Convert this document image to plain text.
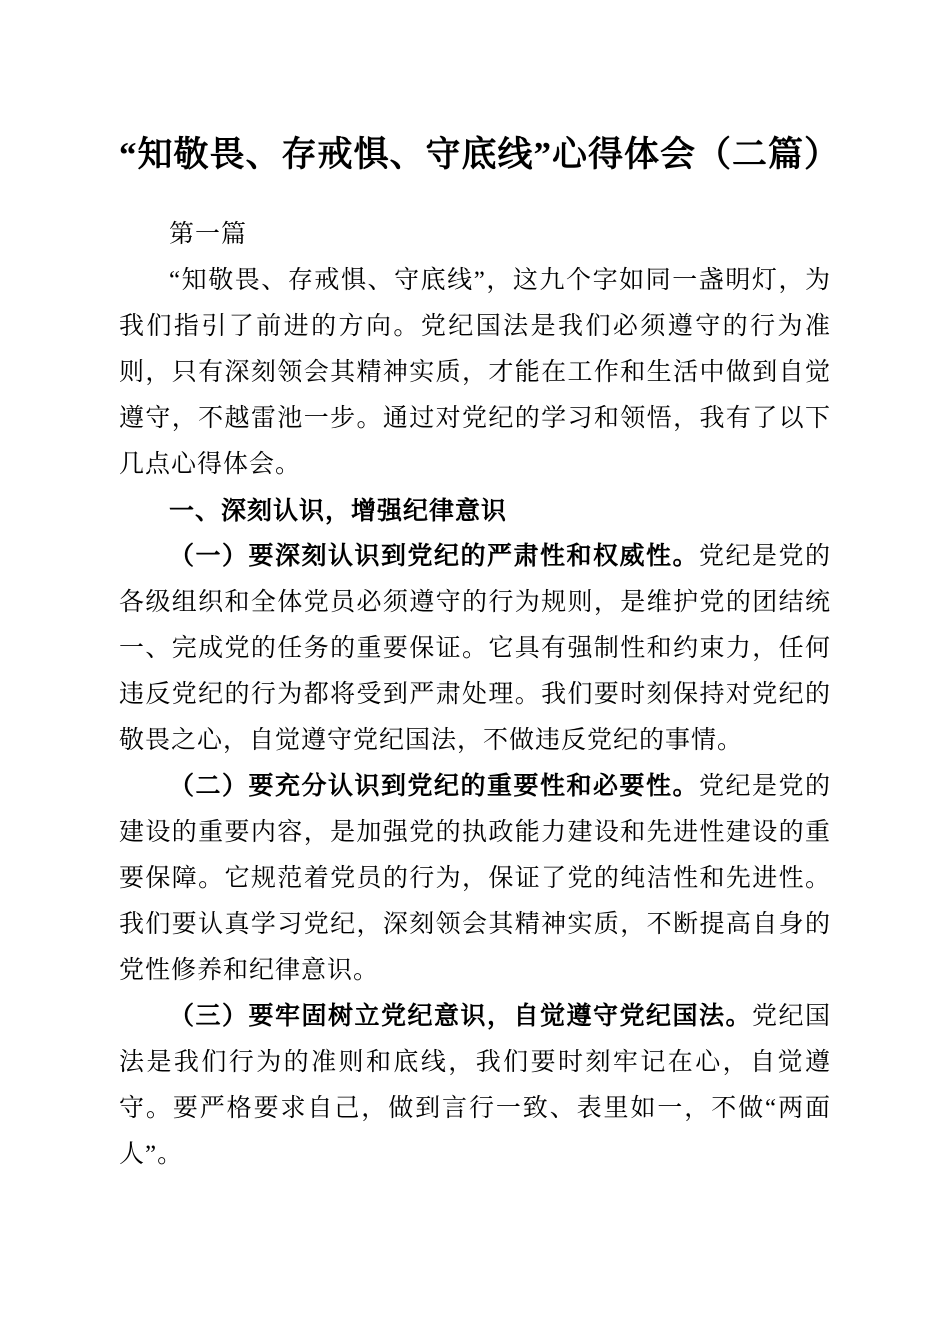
“知敬畏、存戒惧、守底线”心得体会（二篇）

第一篇

“知敬畏、存戒惧、守底线”，这九个字如同一盏明灯，为我们指引了前进的方向。党纪国法是我们必须遵守的行为准则，只有深刻领会其精神实质，才能在工作和生活中做到自觉遵守，不越雷池一步。通过对党纪的学习和领悟，我有了以下几点心得体会。

一、深刻认识，增强纪律意识

（一）要深刻认识到党纪的严肃性和权威性。党纪是党的各级组织和全体党员必须遵守的行为规则，是维护党的团结统一、完成党的任务的重要保证。它具有强制性和约束力，任何违反党纪的行为都将受到严肃处理。我们要时刻保持对党纪的敬畏之心，自觉遵守党纪国法，不做违反党纪的事情。

（二）要充分认识到党纪的重要性和必要性。党纪是党的建设的重要内容，是加强党的执政能力建设和先进性建设的重要保障。它规范着党员的行为，保证了党的纯洁性和先进性。我们要认真学习党纪，深刻领会其精神实质，不断提高自身的党性修养和纪律意识。

（三）要牢固树立党纪意识，自觉遵守党纪国法。党纪国法是我们行为的准则和底线，我们要时刻牢记在心，自觉遵守。要严格要求自己，做到言行一致、表里如一，不做“两面人”。
